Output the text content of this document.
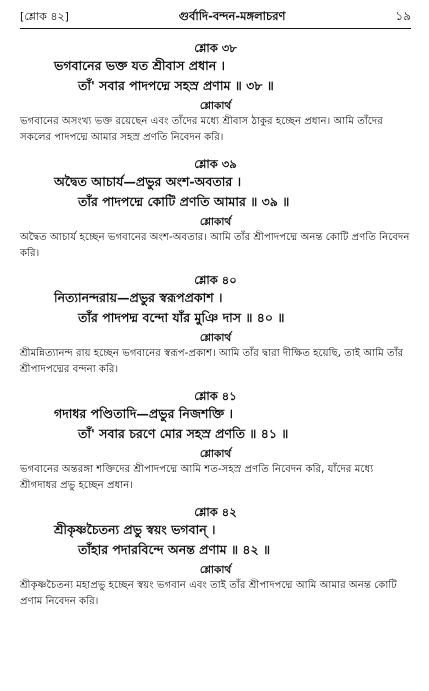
[শ্লোক ৪২]	গুর্বাদি-বন্দন-মঙ্গলাচরণ	১৯
শ্লোক ৩৮
ভগবানের ভক্ত যত শ্রীবাস প্রধান ।
তাঁ' সবার পাদপদ্মে সহস্র প্রণাম ॥ ৩৮ ॥
শ্লোকার্থ
ভগবানের অসংখ্য ভক্ত রয়েছেন এবং তাঁদের মধ্যে শ্রীবাস ঠাকুর হচ্ছেন প্রধান। আমি তাঁদের সকলের পাদপদ্মে আমার সহস্র প্রণতি নিবেদন করি।
শ্লোক ৩৯
অদ্বৈত আচার্য—প্রভুর অংশ-অবতার ।
তাঁর পাদপদ্মে কোটি প্রণতি আমার ॥ ৩৯ ॥
শ্লোকার্থ
অদ্বৈত আচার্য হচ্ছেন ভগবানের অংশ-অবতার। আমি তাঁর শ্রীপাদপদ্মে অনন্ত কোটি প্রণতি নিবেদন করি।
শ্লোক ৪০
নিত্যানন্দরায়—প্রভুর স্বরূপপ্রকাশ ।
তাঁর পাদপদ্ম বন্দো যাঁর মুঞি দাস ॥ ৪০ ॥
শ্লোকার্থ
শ্রীমন্নিত্যানন্দ রায় হচ্ছেন ভগবানের স্বরূপ-প্রকাশ। আমি তাঁর দ্বারা দীক্ষিত হয়েছি, তাই আমি তাঁর শ্রীপাদপদ্মের বন্দনা করি।
শ্লোক ৪১
গদাধর পণ্ডিতাদি—প্রভুর নিজশক্তি ।
তাঁ' সবার চরণে মোর সহস্র প্রণতি ॥ ৪১ ॥
শ্লোকার্থ
ভগবানের অন্তরঙ্গা শক্তিদের শ্রীপাদপদ্মে আমি শত-সহস্র প্রণতি নিবেদন করি, যাঁদের মধ্যে শ্রীগদাধর প্রভু হচ্ছেন প্রধান।
শ্লোক ৪২
শ্রীকৃষ্ণচৈতন্য প্রভু স্বয়ং ভগবান্ ।
তাঁহার পদারবিন্দে অনন্ত প্রণাম ॥ ৪২ ॥
শ্লোকার্থ
শ্রীকৃষ্ণচৈতন্য মহাপ্রভু হচ্ছেন স্বয়ং ভগবান এবং তাই তাঁর শ্রীপাদপদ্মে আমি আমার অনন্ত কোটি প্রণাম নিবেদন করি।
